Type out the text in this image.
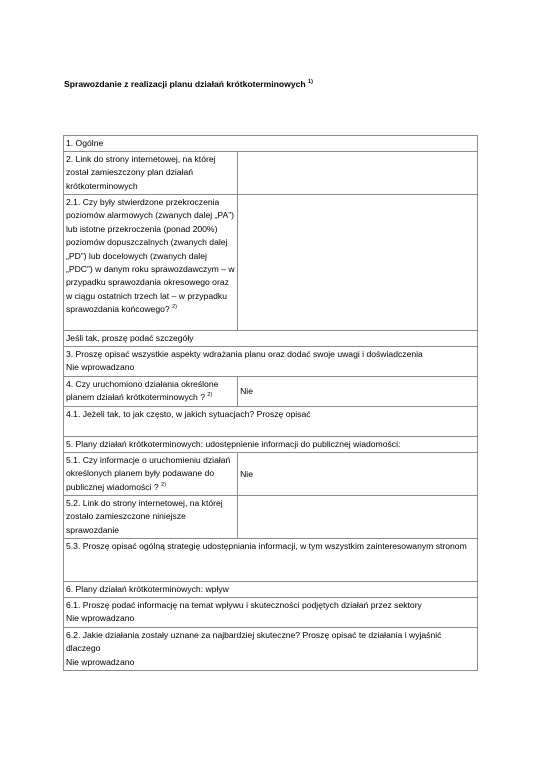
Sprawozdanie z realizacji planu działań krótkoterminowych $^{1)}$
1. Ogólne	
2. Link do strony internetowej, na której został zamieszczony plan działań krótkoterminowych	
2.1. Czy były stwierdzone przekroczenia poziomów alarmowych (zwanych dalej „PA”) lub istotne przekroczenia (ponad 200%) poziomów dopuszczalnych (zwanych dalej „PD”) lub docelowych (zwanych dalej „PDC”) w danym roku sprawozdawczym – w przypadku sprawozdania okresowego oraz w ciągu ostatnich trzech lat – w przypadku sprawozdania końcowego? $^{2)}$	
Jeśli tak, proszę podać szczegóły	

3. Proszę opisać wszystkie aspekty wdrażania planu oraz dodać swoje uwagi i doświadczenia
Nie wprowadzano	

4. Czy uruchomiono działania określone planem działań krótkoterminowych ? $^{2)}$	Nie
4.1. Jeżeli tak, to jak często, w jakich sytuacjach? Proszę opisać	
5. Plany działań krótkoterminowych: udostępnienie informacji do publicznej wiadomości:	
5.1. Czy informacje o uruchomieniu działań określonych planem były podawane do publicznej wiadomości ? $^{2)}$	Nie
5.2. Link do strony internetowej, na której zostało zamieszczone niniejsze sprawozdanie	
5.3. Proszę opisać ogólną strategię udostępniania informacji, w tym wszystkim zainteresowanym stronom	
6. Plany działań krótkoterminowych: wpływ	

6.1. Proszę podać informację na temat wpływu i skuteczności podjętych działań przez sektory
Nie wprowadzano	

6.2. Jakie działania zostały uznane za najbardziej skuteczne? Proszę opisać te działania i wyjaśnić dlaczego
Nie wprowadzano	
